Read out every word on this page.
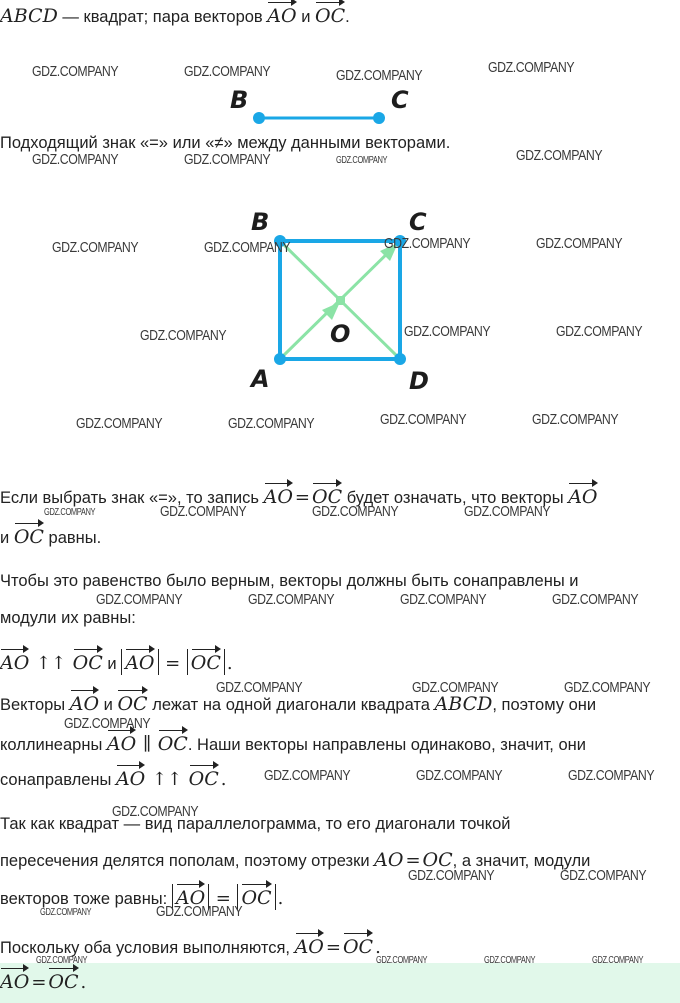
ABCD — квадрат; пара векторов AO и OC.
B	C
Подходящий знак «=» или «≠» между данными векторами.
A
B	C
D
O
Если выбрать знак «=», то запись AO = OC будет означать, что векторы AO
и OC равны.
Чтобы это равенство было верным, векторы должны быть сонаправлены и
модули их равны:
AO ↑↑ OC и AO = OC .
Векторы AO и OC лежат на одной диагонали квадрата ABCD, поэтому они
коллинеарны AO ∥ OC. Наши векторы направлены одинаково, значит, они
сонаправлены AO ↑↑ OC .
Так как квадрат — вид параллелограмма, то его диагонали точкой
пересечения делятся пополам, поэтому отрезки AO = OC, а значит, модули
векторов тоже равны: AO = OC .
Поскольку оба условия выполняются, AO = OC .
AO = OC .
GDZ.COMPANY	GDZ.COMPANY	GDZ.COMPANY	GDZ.COMPANY
GDZ.COMPANY	GDZ.COMPANY	GDZ.COMPANY	GDZ.COMPANY
GDZ.COMPANY	GDZ.COMPANY	GDZ.COMPANY	GDZ.COMPANY
GDZ.COMPANY	GDZ.COMPANY	GDZ.COMPANY
GDZ.COMPANY	GDZ.COMPANY	GDZ.COMPANY	GDZ.COMPANY
GDZ.COMPANY	GDZ.COMPANY	GDZ.COMPANY	GDZ.COMPANY
GDZ.COMPANY	GDZ.COMPANY	GDZ.COMPANY	GDZ.COMPANY
GDZ.COMPANY	GDZ.COMPANY	GDZ.COMPANY
GDZ.COMPANY
GDZ.COMPANY	GDZ.COMPANY	GDZ.COMPANY
GDZ.COMPANY
GDZ.COMPANY	GDZ.COMPANY
GDZ.COMPANY
GDZ.COMPANY
GDZ.COMPANY	GDZ.COMPANY	GDZ.COMPANY
GDZ.COMPANY
